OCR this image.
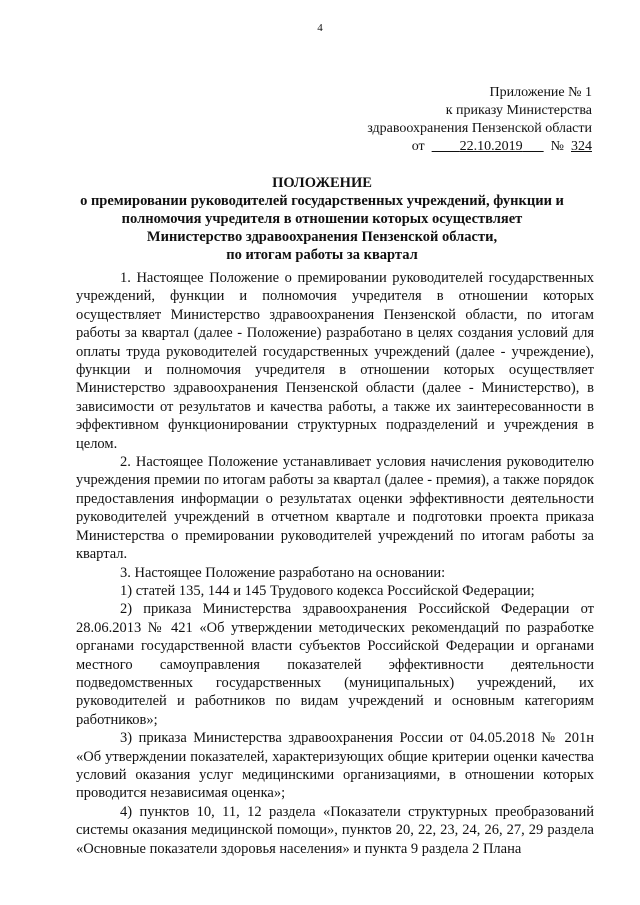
4
Приложение № 1
к приказу Министерства
здравоохранения Пензенской области
от	22.10.2019 № 324
ПОЛОЖЕНИЕ
о премировании руководителей государственных учреждений, функции и
полномочия учредителя в отношении которых осуществляет
Министерство здравоохранения Пензенской области,
по итогам работы за квартал

1. Настоящее Положение о премировании руководителей государственных учреждений, функции и полномочия учредителя в отношении которых осуществляет Министерство здравоохранения Пензенской области, по итогам работы за квартал (далее - Положение) разработано в целях создания условий для оплаты труда руководителей государственных учреждений (далее - учреждение), функции и полномочия учредителя в отношении которых осуществляет Министерство здравоохранения Пензенской области (далее - Министерство), в зависимости от результатов и качества работы, а также их заинтересованности в эффективном функционировании структурных подразделений и учреждения в целом.

2. Настоящее Положение устанавливает условия начисления руководителю учреждения премии по итогам работы за квартал (далее - премия), а также порядок предоставления информации о результатах оценки эффективности деятельности руководителей учреждений в отчетном квартале и подготовки проекта приказа Министерства о премировании руководителей учреждений по итогам работы за квартал.

3. Настоящее Положение разработано на основании:

1) статей 135, 144 и 145 Трудового кодекса Российской Федерации;

2) приказа Министерства здравоохранения Российской Федерации от 28.06.2013 № 421 «Об утверждении методических рекомендаций по разработке органами государственной власти субъектов Российской Федерации и органами местного самоуправления показателей эффективности деятельности подведомственных государственных (муниципальных) учреждений, их руководителей и работников по видам учреждений и основным категориям работников»;

3) приказа Министерства здравоохранения России от 04.05.2018 № 201н «Об утверждении показателей, характеризующих общие критерии оценки качества условий оказания услуг медицинскими организациями, в отношении которых проводится независимая оценка»;

4) пунктов 10, 11, 12 раздела «Показатели структурных преобразований системы оказания медицинской помощи», пунктов 20, 22, 23, 24, 26, 27, 29 раздела «Основные показатели здоровья населения» и пункта 9 раздела 2 Плана
